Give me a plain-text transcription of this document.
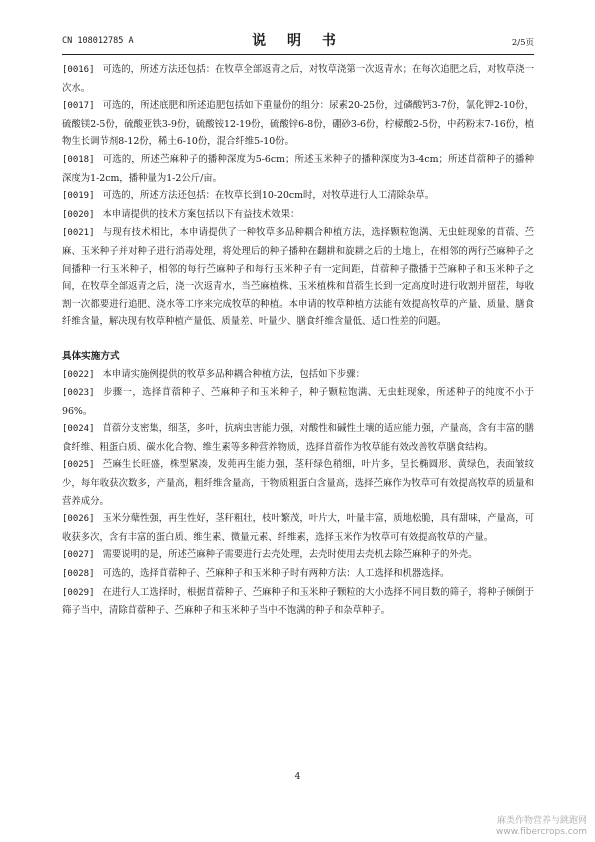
CN 108012785 A	说 明 书	2/5页

[0016] 可选的，所述方法还包括：在牧草全部返青之后，对牧草浇第一次返青水；在每次追肥之后，对牧草浇一次水。

[0017] 可选的，所述底肥和所述追肥包括如下重量份的组分：尿素20-25份，过磷酸钙3-7份，氯化钾2-10份，硫酸镁2-5份，硫酸亚铁3-9份，硫酸铵12-19份，硫酸锌6-8份，硼砂3-6份，柠檬酸2-5份，中药粉末7-16份，植物生长调节剂8-12份，稀土6-10份，混合纤维5-10份。

[0018] 可选的，所述苎麻种子的播种深度为5-6cm；所述玉米种子的播种深度为3-4cm；所述苜蓿种子的播种深度为1-2cm，播种量为1-2公斤/亩。

[0019] 可选的，所述方法还包括：在牧草长到10-20cm时，对牧草进行人工清除杂草。

[0020] 本申请提供的技术方案包括以下有益技术效果：

[0021] 与现有技术相比，本申请提供了一种牧草多品种耦合种植方法，选择颗粒饱满、无虫蛀现象的苜蓿、苎麻、玉米种子并对种子进行消毒处理，将处理后的种子播种在翻耕和旋耕之后的土地上，在相邻的两行苎麻种子之间播种一行玉米种子，相邻的每行苎麻种子和每行玉米种子有一定间距，苜蓿种子撒播于苎麻种子和玉米种子之间，在牧草全部返青之后，浇一次返青水，当苎麻植株、玉米植株和苜蓿生长到一定高度时进行收割并留茬，每收割一次都要进行追肥、浇水等工序来完成牧草的种植。本申请的牧草种植方法能有效提高牧草的产量、质量、膳食纤维含量，解决现有牧草种植产量低、质量差、叶量少、膳食纤维含量低、适口性差的问题。

具体实施方式

[0022] 本申请实施例提供的牧草多品种耦合种植方法，包括如下步骤：

[0023] 步骤一，选择苜蓿种子、苎麻种子和玉米种子，种子颗粒饱满、无虫蛀现象，所述种子的纯度不小于96%。

[0024] 苜蓿分支密集，细茎，多叶，抗病虫害能力强，对酸性和碱性土壤的适应能力强，产量高，含有丰富的膳食纤维、粗蛋白质、碳水化合物、维生素等多种营养物质，选择苜蓿作为牧草能有效改善牧草膳食结构。

[0025] 苎麻生长旺盛，株型紧凑，发蔸再生能力强，茎秆绿色稍细，叶片多，呈长椭圆形、黄绿色，表面皱纹少，每年收获次数多，产量高，粗纤维含量高，干物质粗蛋白含量高，选择苎麻作为牧草可有效提高牧草的质量和营养成分。

[0026] 玉米分蘖性强，再生性好，茎秆粗壮，枝叶繁茂，叶片大，叶量丰富，质地松脆，具有甜味，产量高，可收获多次，含有丰富的蛋白质、维生素、微量元素、纤维素，选择玉米作为牧草可有效提高牧草的产量。

[0027] 需要说明的是，所述苎麻种子需要进行去壳处理，去壳时使用去壳机去除苎麻种子的外壳。

[0028] 可选的，选择苜蓿种子、苎麻种子和玉米种子时有两种方法：人工选择和机器选择。

[0029] 在进行人工选择时，根据苜蓿种子、苎麻种子和玉米种子颗粒的大小选择不同目数的筛子，将种子倾倒于筛子当中，清除苜蓿种子、苎麻种子和玉米种子当中不饱满的种子和杂草种子。

4
麻类作物营养与跳跑网
www.fibercrops.com
